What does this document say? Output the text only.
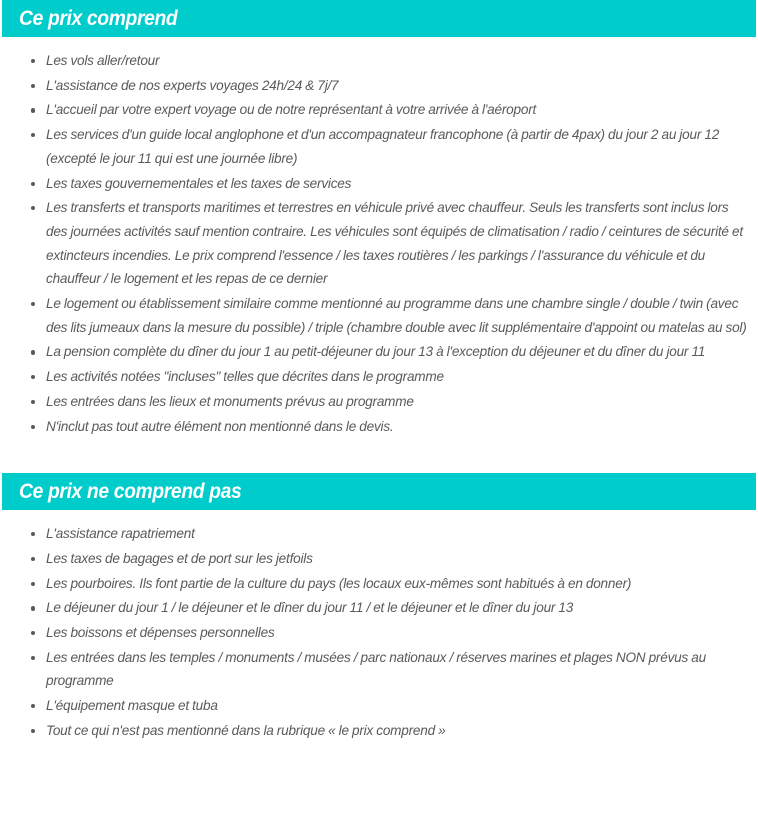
Ce prix comprend
Les vols aller/retour
L'assistance de nos experts voyages 24h/24 & 7j/7
L'accueil par votre expert voyage ou de notre représentant à votre arrivée à l'aéroport
Les services d'un guide local anglophone et d'un accompagnateur francophone (à partir de 4pax) du jour 2 au jour 12 (excepté le jour 11 qui est une journée libre)
Les taxes gouvernementales et les taxes de services
Les transferts et transports maritimes et terrestres en véhicule privé avec chauffeur. Seuls les transferts sont inclus lors des journées activités sauf mention contraire. Les véhicules sont équipés de climatisation / radio / ceintures de sécurité et extincteurs incendies. Le prix comprend l'essence / les taxes routières / les parkings / l'assurance du véhicule et du chauffeur / le logement et les repas de ce dernier
Le logement ou établissement similaire comme mentionné au programme dans une chambre single / double / twin (avec des lits jumeaux dans la mesure du possible) / triple (chambre double avec lit supplémentaire d'appoint ou matelas au sol)
La pension complète du dîner du jour 1 au petit-déjeuner du jour 13 à l'exception du déjeuner et du dîner du jour 11
Les activités notées "incluses" telles que décrites dans le programme
Les entrées dans les lieux et monuments prévus au programme
N'inclut pas tout autre élément non mentionné dans le devis.
Ce prix ne comprend pas
L'assistance rapatriement
Les taxes de bagages et de port sur les jetfoils
Les pourboires. Ils font partie de la culture du pays (les locaux eux-mêmes sont habitués à en donner)
Le déjeuner du jour 1 / le déjeuner et le dîner du jour 11 / et le déjeuner et le dîner du jour 13
Les boissons et dépenses personnelles
Les entrées dans les temples / monuments / musées / parc nationaux / réserves marines et plages NON prévus au programme
L'équipement masque et tuba
Tout ce qui n'est pas mentionné dans la rubrique « le prix comprend »
